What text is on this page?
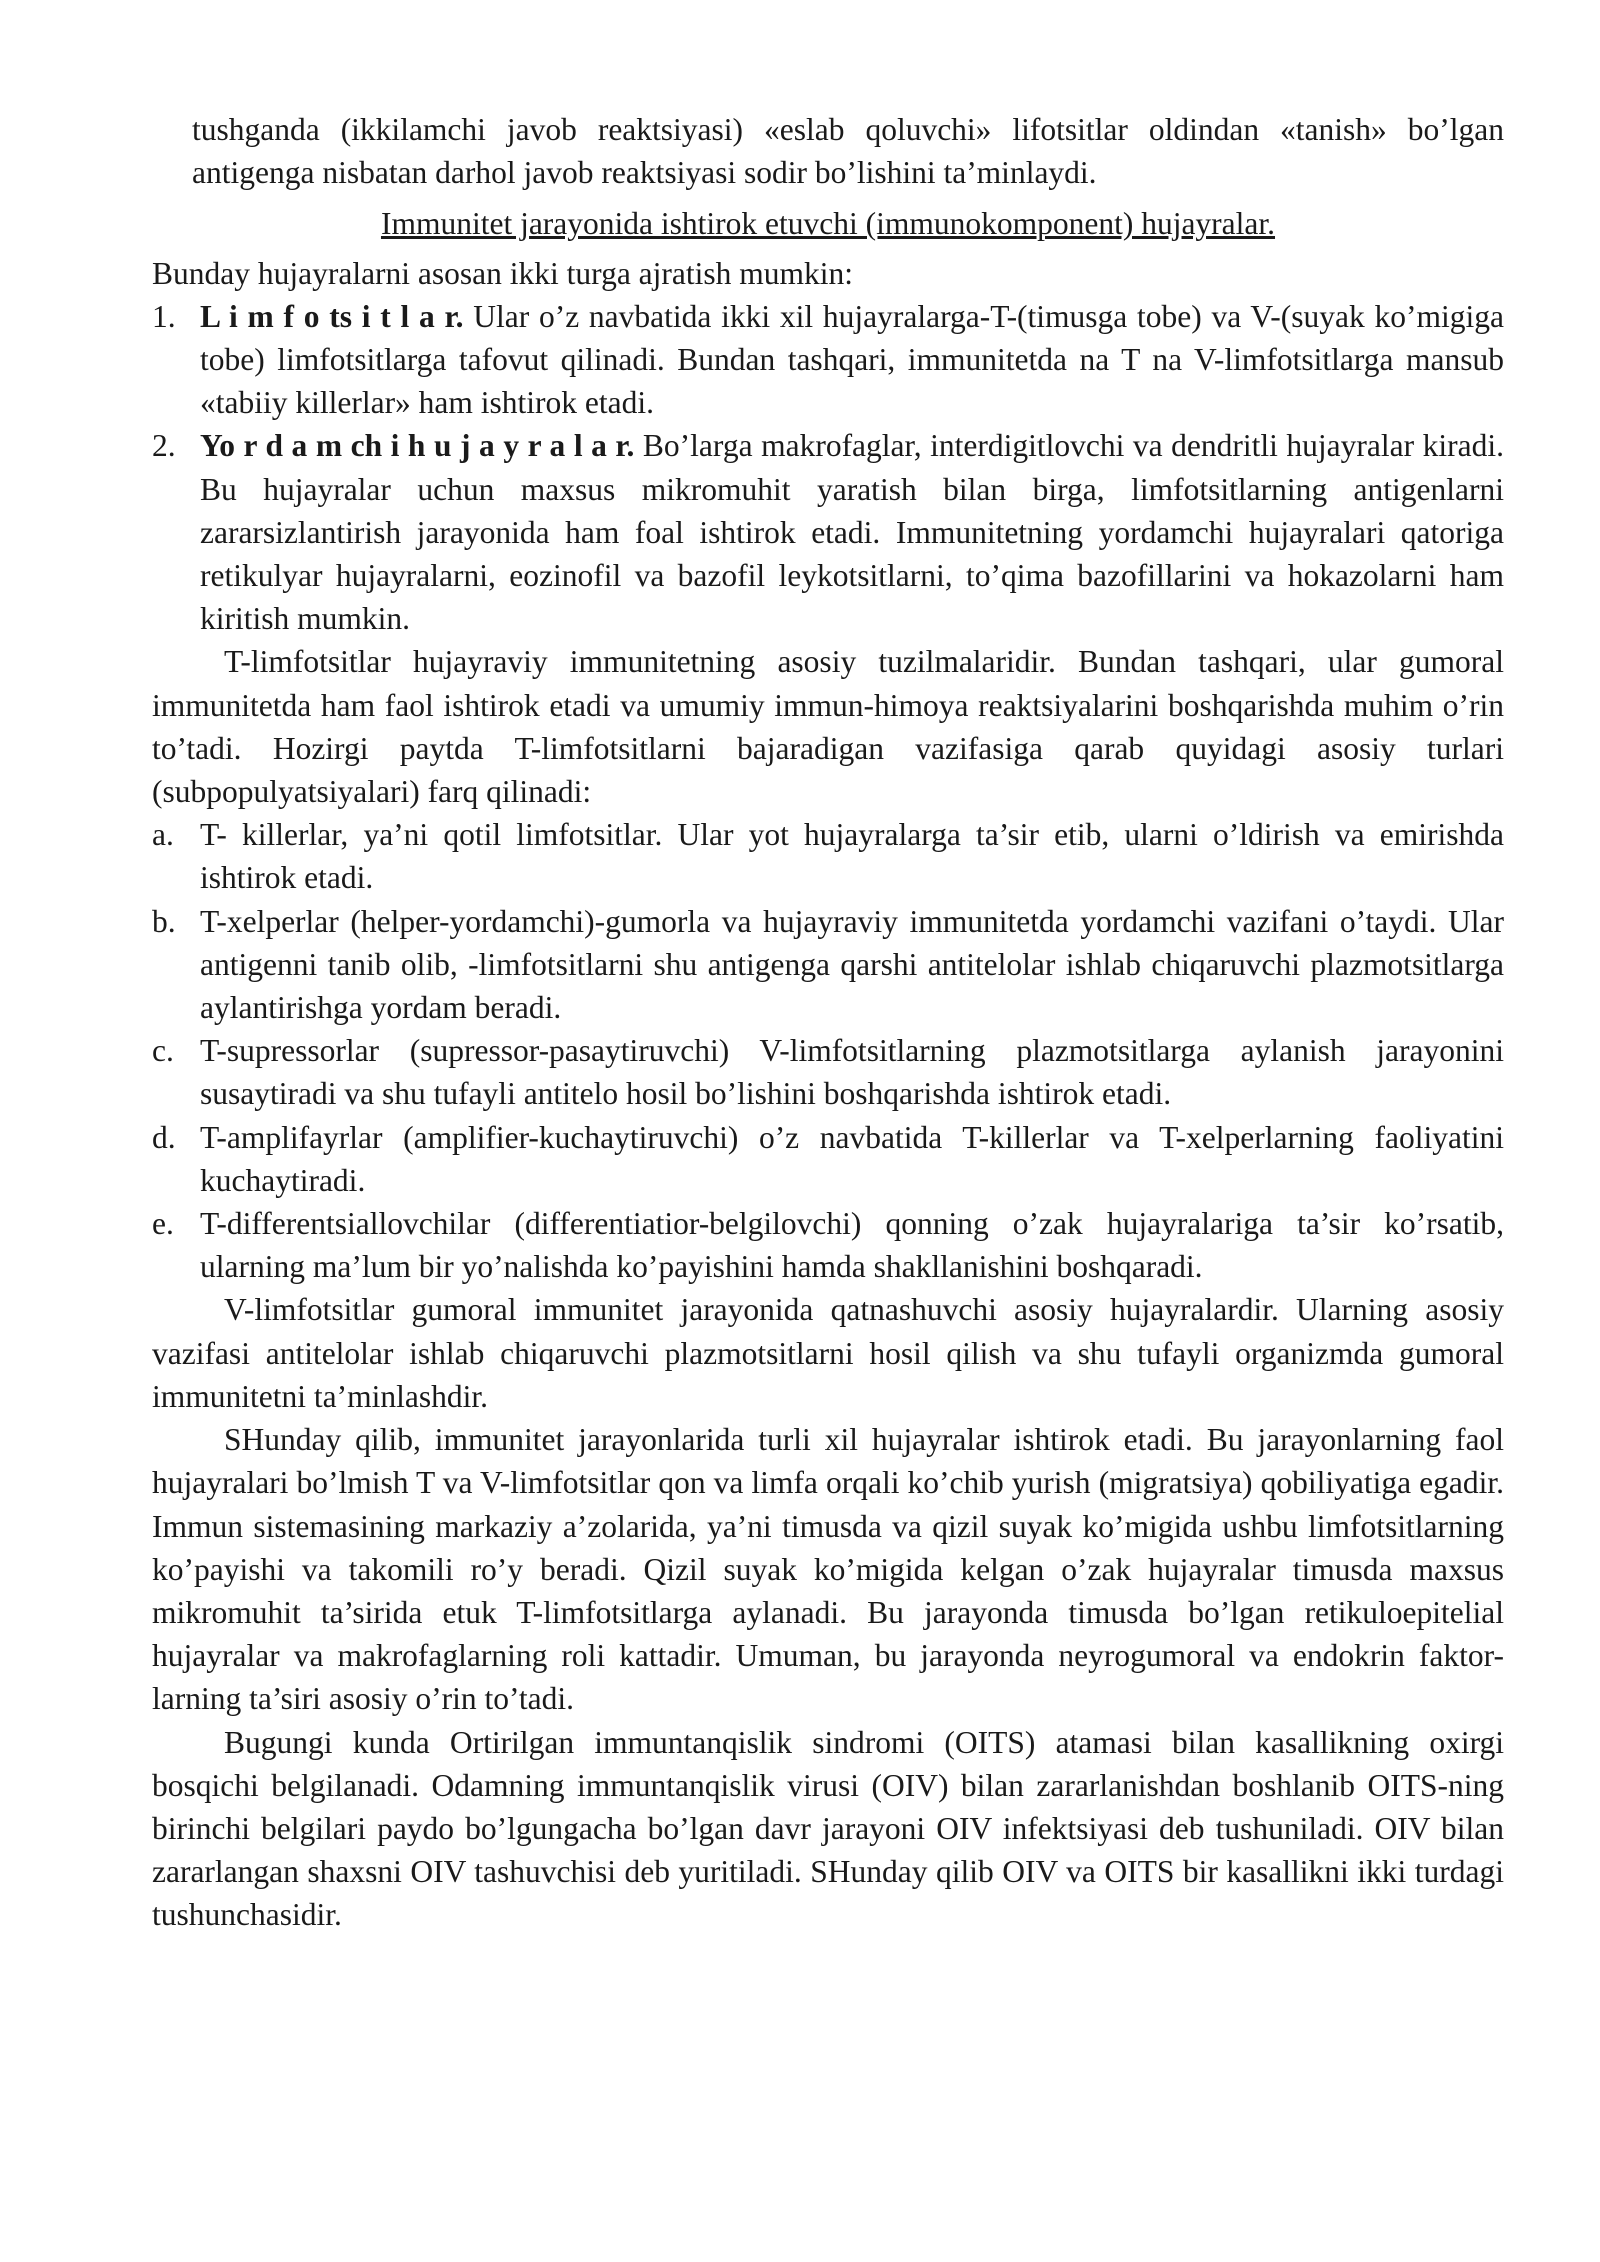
tushganda (ikkilamchi javob reaktsiyasi) «eslab qoluvchi» lifotsitlar oldindan «tanish» bo’lgan antigenga nisbatan darhol javob reaktsiyasi sodir bo’lishini ta’minlaydi.

Immunitet jarayonida ishtirok etuvchi (immunokomponent) hujayralar.

Bunday hujayralarni asosan ikki turga ajratish mumkin:

1. L i m f o ts i t l a r. Ular o’z navbatida ikki xil hujayralarga-T-(timusga tobe) va V-(suyak ko’migiga tobe) limfotsitlarga tafovut qilinadi. Bundan tashqari, immunitetda na T na V-limfotsitlarga mansub «tabiiy killerlar» ham ishtirok etadi.
2. Yo r d a m ch i h u j a y r a l a r. Bo’larga makrofaglar, interdigitlovchi va dendritli hujayralar kiradi. Bu hujayralar uchun maxsus mikromuhit yaratish bilan birga, limfotsitlarning antigenlarni zararsizlantirish jarayonida ham foal ishtirok etadi. Immunitetning yordamchi hujayralari qatoriga retikulyar hujayralarni, eozinofil va bazofil leykotsitlarni, to’qima bazofillarini va hokazolarni ham kiritish mumkin.

T-limfotsitlar hujayraviy immunitetning asosiy tuzilmalaridir. Bundan tashqari, ular gumoral immunitetda ham faol ishtirok etadi va umumiy immun-himoya reaktsiyalarini boshqarishda muhim o’rin to’tadi. Hozirgi paytda T-limfotsitlarni bajaradigan vazifasiga qarab quyidagi asosiy turlari (subpopulyatsiyalari) farq qilinadi:

a. T- killerlar, ya’ni qotil limfotsitlar. Ular yot hujayralarga ta’sir etib, ularni o’ldirish va emirishda ishtirok etadi.
b. T-xelperlar (helper-yordamchi)-gumorla va hujayraviy immunitetda yordamchi vazifani o’taydi. Ular antigenni tanib olib, -limfotsitlarni shu antigenga qarshi antitelolar ishlab chiqaruvchi plazmotsitlarga aylantirishga yordam beradi.
c. T-supressorlar (supressor-pasaytiruvchi) V-limfotsitlarning plazmotsitlarga aylanish jarayonini susaytiradi va shu tufayli antitelo hosil bo’lishini boshqarishda ishtirok etadi.
d. T-amplifayrlar (amplifier-kuchaytiruvchi) o’z navbatida T-killerlar va T-xelperlarning faoliyatini kuchaytiradi.
e. T-differentsiallovchilar (differentiatior-belgilovchi) qonning o’zak hujayralariga ta’sir ko’rsatib, ularning ma’lum bir yo’nalishda ko’payishini hamda shakllanishini boshqaradi.

V-limfotsitlar gumoral immunitet jarayonida qatnashuvchi asosiy hujayralardir. Ularning asosiy vazifasi antitelolar ishlab chiqaruvchi plazmotsitlarni hosil qilish va shu tufayli organizmda gumoral immunitetni ta’minlashdir.

SHunday qilib, immunitet jarayonlarida turli xil hujayralar ishtirok etadi. Bu jarayonlarning faol hujayralari bo’lmish T va V-limfotsitlar qon va limfa orqali ko’chib yurish (migratsiya) qobiliyatiga egadir. Immun sistemasining markaziy a’zolarida, ya’ni timusda va qizil suyak ko’migida ushbu limfotsitlarning ko’payishi va takomili ro’y beradi. Qizil suyak ko’migida kelgan o’zak hujayralar timusda maxsus mikromuhit ta’sirida etuk T-limfotsitlarga aylanadi. Bu jarayonda timusda bo’lgan retikuloepitelial hujayralar va makrofaglarning roli kattadir. Umuman, bu jarayonda neyrogumoral va endokrin faktor-larning ta’siri asosiy o’rin to’tadi.

Bugungi kunda Ortirilgan immuntanqislik sindromi (OITS) atamasi bilan kasallikning oxirgi bosqichi belgilanadi. Odamning immuntanqislik virusi (OIV) bilan zararlanishdan boshlanib OITS-ning birinchi belgilari paydo bo’lgungacha bo’lgan davr jarayoni OIV infektsiyasi deb tushuniladi. OIV bilan zararlangan shaxsni OIV tashuvchisi deb yuritiladi. SHunday qilib OIV va OITS bir kasallikni ikki turdagi tushunchasidir.
